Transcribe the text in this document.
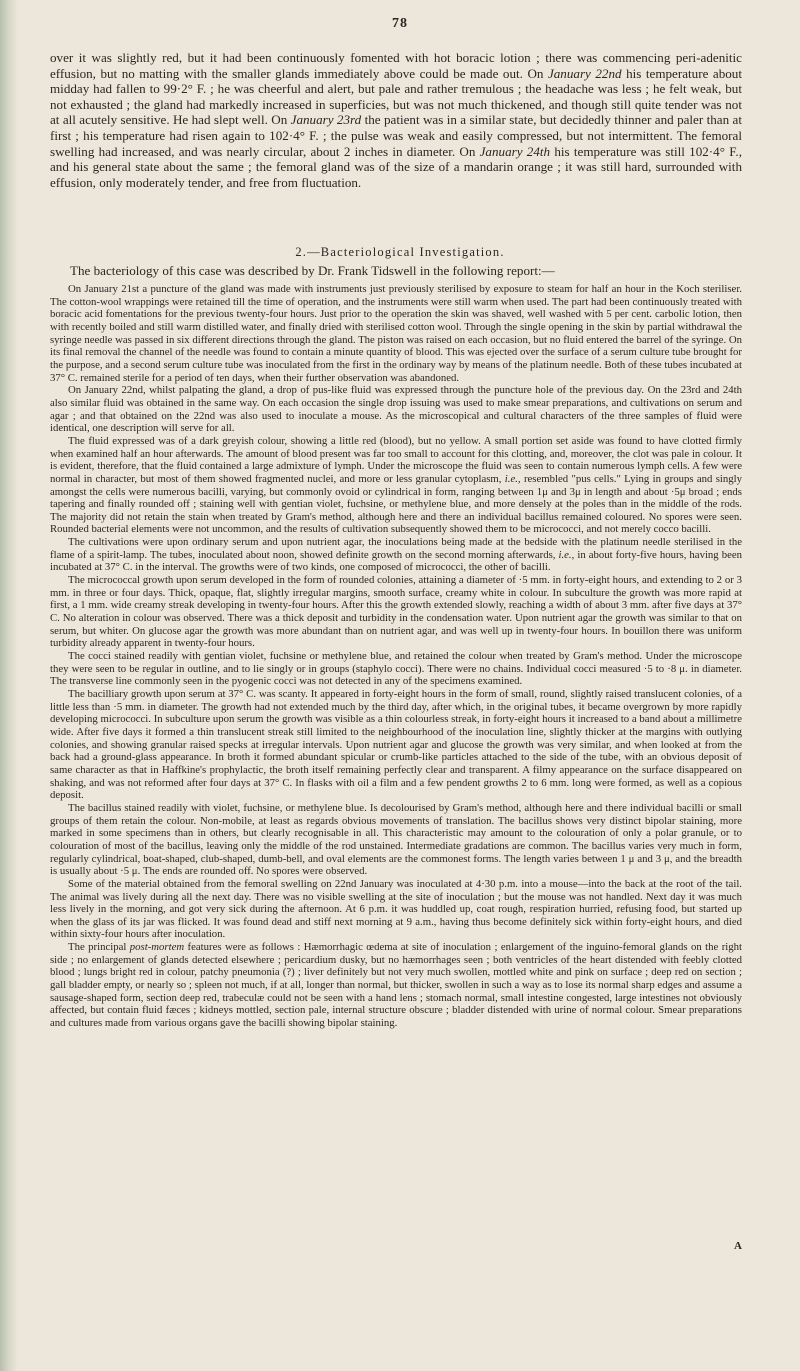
78

over it was slightly red, but it had been continuously fomented with hot boracic lotion ; there was commencing peri-adenitic effusion, but no matting with the smaller glands immediately above could be made out. On January 22nd his temperature about midday had fallen to 99·2° F. ; he was cheerful and alert, but pale and rather tremulous ; the headache was less ; he felt weak, but not exhausted ; the gland had markedly increased in superficies, but was not much thickened, and though still quite tender was not at all acutely sensitive. He had slept well. On January 23rd the patient was in a similar state, but decidedly thinner and paler than at first ; his temperature had risen again to 102·4° F. ; the pulse was weak and easily compressed, but not intermittent. The femoral swelling had increased, and was nearly circular, about 2 inches in diameter. On January 24th his temperature was still 102·4° F., and his general state about the same ; the femoral gland was of the size of a mandarin orange ; it was still hard, surrounded with effusion, only moderately tender, and free from fluctuation.

2.—Bacteriological Investigation.

The bacteriology of this case was described by Dr. Frank Tidswell in the following report:—

On January 21st a puncture of the gland was made with instruments just previously sterilised by exposure to steam for half an hour in the Koch steriliser. The cotton-wool wrappings were retained till the time of operation, and the instruments were still warm when used. The part had been continuously treated with boracic acid fomentations for the previous twenty-four hours. Just prior to the operation the skin was shaved, well washed with 5 per cent. carbolic lotion, then with recently boiled and still warm distilled water, and finally dried with sterilised cotton wool. Through the single opening in the skin by partial withdrawal the syringe needle was passed in six different directions through the gland. The piston was raised on each occasion, but no fluid entered the barrel of the syringe. On its final removal the channel of the needle was found to contain a minute quantity of blood. This was ejected over the surface of a serum culture tube brought for the purpose, and a second serum culture tube was inoculated from the first in the ordinary way by means of the platinum needle. Both of these tubes incubated at 37° C. remained sterile for a period of ten days, when their further observation was abandoned.

On January 22nd, whilst palpating the gland, a drop of pus-like fluid was expressed through the puncture hole of the previous day. On the 23rd and 24th also similar fluid was obtained in the same way. On each occasion the single drop issuing was used to make smear preparations, and cultivations on serum and agar ; and that obtained on the 22nd was also used to inoculate a mouse. As the microscopical and cultural characters of the three samples of fluid were identical, one description will serve for all.

The fluid expressed was of a dark greyish colour, showing a little red (blood), but no yellow. A small portion set aside was found to have clotted firmly when examined half an hour afterwards. The amount of blood present was far too small to account for this clotting, and, moreover, the clot was pale in colour. It is evident, therefore, that the fluid contained a large admixture of lymph. Under the microscope the fluid was seen to contain numerous lymph cells. A few were normal in character, but most of them showed fragmented nuclei, and more or less granular cytoplasm, i.e., resembled "pus cells." Lying in groups and singly amongst the cells were numerous bacilli, varying, but commonly ovoid or cylindrical in form, ranging between 1μ and 3μ in length and about ·5μ broad ; ends tapering and finally rounded off ; staining well with gentian violet, fuchsine, or methylene blue, and more densely at the poles than in the middle of the rods. The majority did not retain the stain when treated by Gram's method, although here and there an individual bacillus remained coloured. No spores were seen. Rounded bacterial elements were not uncommon, and the results of cultivation subsequently showed them to be micrococci, and not merely cocco bacilli.

The cultivations were upon ordinary serum and upon nutrient agar, the inoculations being made at the bedside with the platinum needle sterilised in the flame of a spirit-lamp. The tubes, inoculated about noon, showed definite growth on the second morning afterwards, i.e., in about forty-five hours, having been incubated at 37° C. in the interval. The growths were of two kinds, one composed of micrococci, the other of bacilli.

The micrococcal growth upon serum developed in the form of rounded colonies, attaining a diameter of ·5 mm. in forty-eight hours, and extending to 2 or 3 mm. in three or four days. Thick, opaque, flat, slightly irregular margins, smooth surface, creamy white in colour. In subculture the growth was more rapid at first, a 1 mm. wide creamy streak developing in twenty-four hours. After this the growth extended slowly, reaching a width of about 3 mm. after five days at 37° C. No alteration in colour was observed. There was a thick deposit and turbidity in the condensation water. Upon nutrient agar the growth was similar to that on serum, but whiter. On glucose agar the growth was more abundant than on nutrient agar, and was well up in twenty-four hours. In bouillon there was uniform turbidity already apparent in twenty-four hours.

The cocci stained readily with gentian violet, fuchsine or methylene blue, and retained the colour when treated by Gram's method. Under the microscope they were seen to be regular in outline, and to lie singly or in groups (staphylo cocci). There were no chains. Individual cocci measured ·5 to ·8 μ. in diameter. The transverse line commonly seen in the pyogenic cocci was not detected in any of the specimens examined.

The bacilliary growth upon serum at 37° C. was scanty. It appeared in forty-eight hours in the form of small, round, slightly raised translucent colonies, of a little less than ·5 mm. in diameter. The growth had not extended much by the third day, after which, in the original tubes, it became overgrown by more rapidly developing micrococci. In subculture upon serum the growth was visible as a thin colourless streak, in forty-eight hours it increased to a band about a millimetre wide. After five days it formed a thin translucent streak still limited to the neighbourhood of the inoculation line, slightly thicker at the margins with outlying colonies, and showing granular raised specks at irregular intervals. Upon nutrient agar and glucose the growth was very similar, and when looked at from the back had a ground-glass appearance. In broth it formed abundant spicular or crumb-like particles attached to the side of the tube, with an obvious deposit of same character as that in Haffkine's prophylactic, the broth itself remaining perfectly clear and transparent. A filmy appearance on the surface disappeared on shaking, and was not reformed after four days at 37° C. In flasks with oil a film and a few pendent growths 2 to 6 mm. long were formed, as well as a copious deposit.

The bacillus stained readily with violet, fuchsine, or methylene blue. Is decolourised by Gram's method, although here and there individual bacilli or small groups of them retain the colour. Non-mobile, at least as regards obvious movements of translation. The bacillus shows very distinct bipolar staining, more marked in some specimens than in others, but clearly recognisable in all. This characteristic may amount to the colouration of only a polar granule, or to colouration of most of the bacillus, leaving only the middle of the rod unstained. Intermediate gradations are common. The bacillus varies very much in form, regularly cylindrical, boat-shaped, club-shaped, dumb-bell, and oval elements are the commonest forms. The length varies between 1 μ and 3 μ, and the breadth is usually about ·5 μ. The ends are rounded off. No spores were observed.

Some of the material obtained from the femoral swelling on 22nd January was inoculated at 4·30 p.m. into a mouse—into the back at the root of the tail. The animal was lively during all the next day. There was no visible swelling at the site of inoculation ; but the mouse was not handled. Next day it was much less lively in the morning, and got very sick during the afternoon. At 6 p.m. it was huddled up, coat rough, respiration hurried, refusing food, but started up when the glass of its jar was flicked. It was found dead and stiff next morning at 9 a.m., having thus become definitely sick within forty-eight hours, and died within sixty-four hours after inoculation.

The principal post-mortem features were as follows : Hæmorrhagic œdema at site of inoculation ; enlargement of the inguino-femoral glands on the right side ; no enlargement of glands detected elsewhere ; pericardium dusky, but no hæmorrhages seen ; both ventricles of the heart distended with feebly clotted blood ; lungs bright red in colour, patchy pneumonia (?) ; liver definitely but not very much swollen, mottled white and pink on surface ; deep red on section ; gall bladder empty, or nearly so ; spleen not much, if at all, longer than normal, but thicker, swollen in such a way as to lose its normal sharp edges and assume a sausage-shaped form, section deep red, trabeculæ could not be seen with a hand lens ; stomach normal, small intestine congested, large intestines not obviously affected, but contain fluid fæces ; kidneys mottled, section pale, internal structure obscure ; bladder distended with urine of normal colour. Smear preparations and cultures made from various organs gave the bacilli showing bipolar staining.

A
